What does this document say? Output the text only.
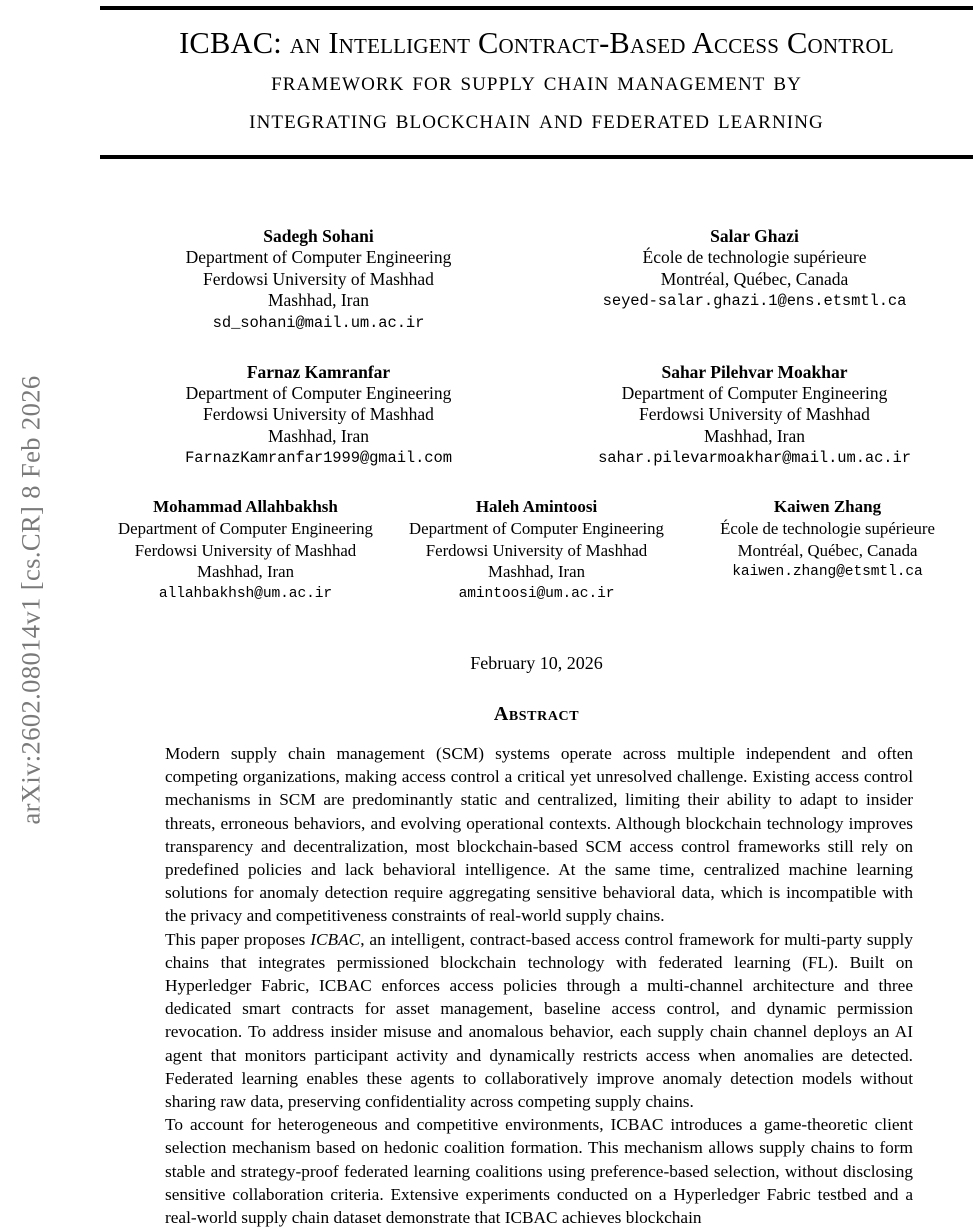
arXiv:2602.08014v1 [cs.CR] 8 Feb 2026
ICBAC: an Intelligent Contract-Based Access Control
framework for supply chain management by
integrating blockchain and federated learning
Sadegh Sohani
Department of Computer Engineering
Ferdowsi University of Mashhad
Mashhad, Iran
sd_sohani@mail.um.ac.ir
Salar Ghazi
École de technologie supérieure
Montréal, Québec, Canada
seyed-salar.ghazi.1@ens.etsmtl.ca
Farnaz Kamranfar
Department of Computer Engineering
Ferdowsi University of Mashhad
Mashhad, Iran
FarnazKamranfar1999@gmail.com
Sahar Pilehvar Moakhar
Department of Computer Engineering
Ferdowsi University of Mashhad
Mashhad, Iran
sahar.pilevarmoakhar@mail.um.ac.ir
Mohammad Allahbakhsh
Department of Computer Engineering
Ferdowsi University of Mashhad
Mashhad, Iran
allahbakhsh@um.ac.ir
Haleh Amintoosi
Department of Computer Engineering
Ferdowsi University of Mashhad
Mashhad, Iran
amintoosi@um.ac.ir
Kaiwen Zhang
École de technologie supérieure
Montréal, Québec, Canada
kaiwen.zhang@etsmtl.ca
February 10, 2026
Abstract

Modern supply chain management (SCM) systems operate across multiple independent and often competing organizations, making access control a critical yet unresolved challenge. Existing access control mechanisms in SCM are predominantly static and centralized, limiting their ability to adapt to insider threats, erroneous behaviors, and evolving operational contexts. Although blockchain technology improves transparency and decentralization, most blockchain-based SCM access control frameworks still rely on predefined policies and lack behavioral intelligence. At the same time, centralized machine learning solutions for anomaly detection require aggregating sensitive behavioral data, which is incompatible with the privacy and competitiveness constraints of real-world supply chains.

This paper proposes ICBAC, an intelligent, contract-based access control framework for multi-party supply chains that integrates permissioned blockchain technology with federated learning (FL). Built on Hyperledger Fabric, ICBAC enforces access policies through a multi-channel architecture and three dedicated smart contracts for asset management, baseline access control, and dynamic permission revocation. To address insider misuse and anomalous behavior, each supply chain channel deploys an AI agent that monitors participant activity and dynamically restricts access when anomalies are detected. Federated learning enables these agents to collaboratively improve anomaly detection models without sharing raw data, preserving confidentiality across competing supply chains.

To account for heterogeneous and competitive environments, ICBAC introduces a game-theoretic client selection mechanism based on hedonic coalition formation. This mechanism allows supply chains to form stable and strategy-proof federated learning coalitions using preference-based selection, without disclosing sensitive collaboration criteria. Extensive experiments conducted on a Hyperledger Fabric testbed and a real-world supply chain dataset demonstrate that ICBAC achieves blockchain
